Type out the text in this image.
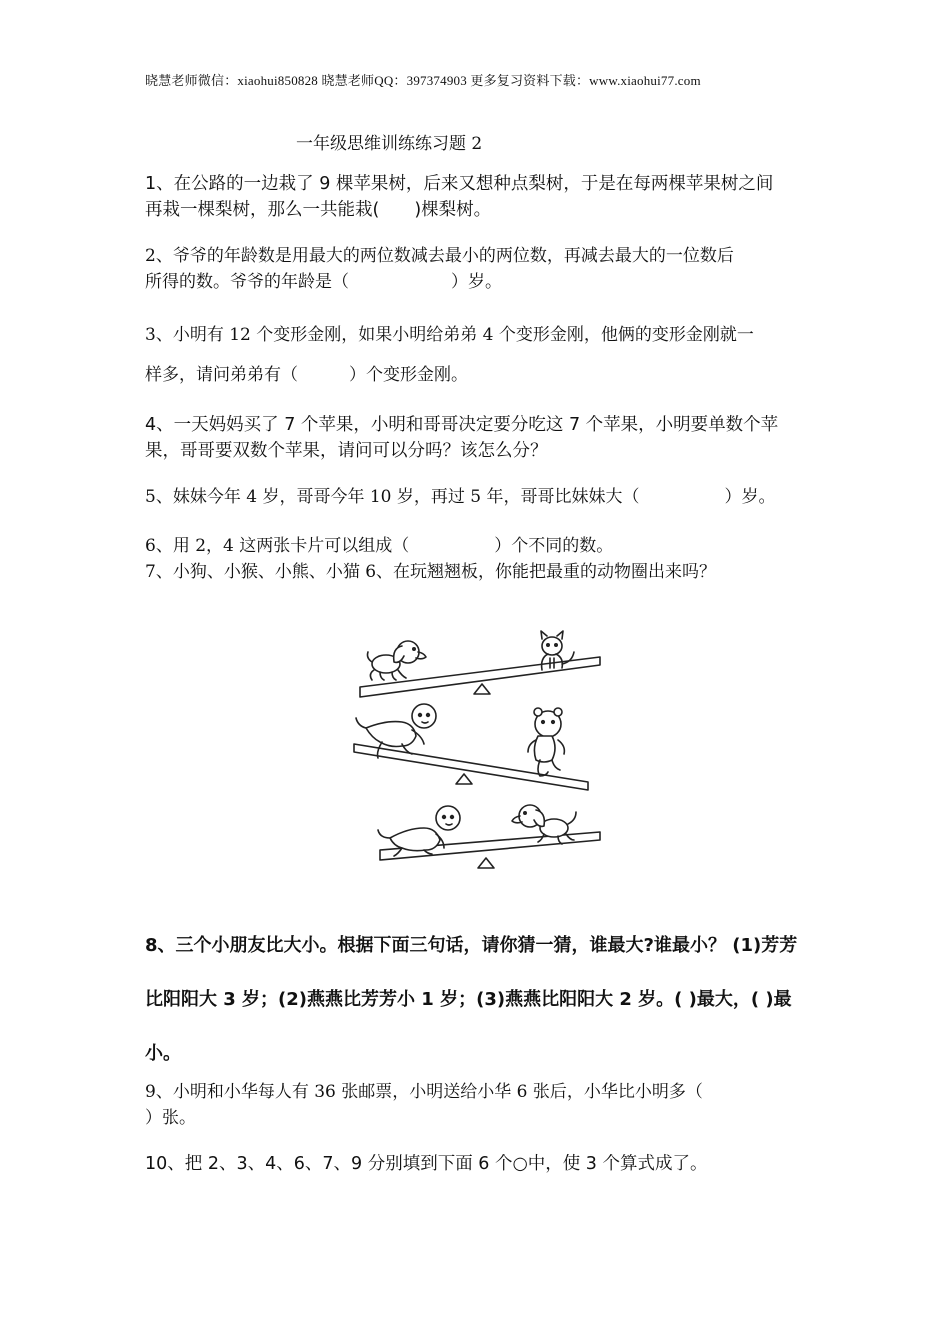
晓慧老师微信：xiaohui850828 晓慧老师QQ：397374903 更多复习资料下载：www.xiaohui77.com
一年级思维训练练习题 2
1、在公路的一边栽了 9 棵苹果树，后来又想种点梨树，于是在每两棵苹果树之间
再栽一棵梨树，那么一共能栽(　　)棵梨树。
2、爷爷的年龄数是用最大的两位数减去最小的两位数，再减去最大的一位数后
所得的数。爷爷的年龄是（　　　　　　）岁。
3、小明有 12 个变形金刚，如果小明给弟弟 4 个变形金刚，他俩的变形金刚就一
样多，请问弟弟有（　　　）个变形金刚。
4、一天妈妈买了 7 个苹果，小明和哥哥决定要分吃这 7 个苹果，小明要单数个苹
果，哥哥要双数个苹果，请问可以分吗？该怎么分？
5、妹妹今年 4 岁，哥哥今年 10 岁，再过 5 年，哥哥比妹妹大（　　　　　）岁。
6、用 2，4 这两张卡片可以组成（　　　　　）个不同的数。
7、小狗、小猴、小熊、小猫 6、在玩翘翘板，你能把最重的动物圈出来吗？
8、三个小朋友比大小。根据下面三句话，请你猜一猜，谁最大?谁最小？ (1)芳芳
比阳阳大 3 岁；(2)燕燕比芳芳小 1 岁；(3)燕燕比阳阳大 2 岁。( )最大，( )最
小。
9、小明和小华每人有 36 张邮票，小明送给小华 6 张后，小华比小明多（
）张。
10、把 2、3、4、6、7、9 分别填到下面 6 个○中，使 3 个算式成了。
